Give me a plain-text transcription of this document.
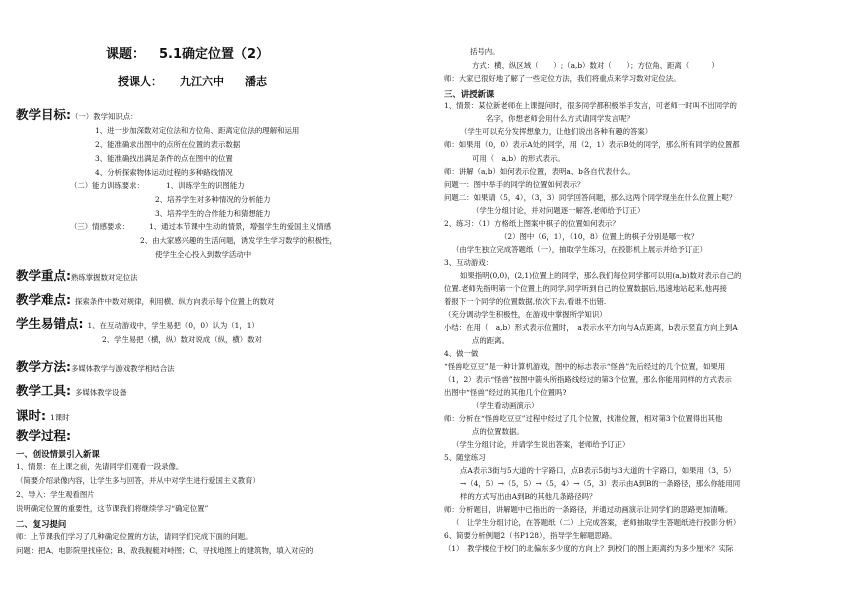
课题： 5.1确定位置（2）
授课人： 九江六中 潘志
教学目标:（一）教学知识点：
1、进一步加深数对定位法和方位角、距离定位法的理解和运用
2、能准确求出图中的点所在位置的表示数据
3、能准确找出满足条件的点在图中的位置
4、分析探索物体运动过程的多种路线情况
（二）能力训练要求：	1、训练学生的识图能力
2、培养学生对多种情况的分析能力
3、培养学生的合作能力和猜想能力
（三）情感要求：	1、通过本节课中生动的情景，增强学生的爱国主义情感
2、由大家感兴趣的生活问题，诱发学生学习数学的积极性，
使学生全心投入到数学活动中
教学重点:熟练掌握数对定位法
教学难点: 探索条件中数对规律，利用横、纵方向表示每个位置上的数对
学生易错点: 1、在互动游戏中，学生易把（0，0）认为（1，1）
2、学生易把（横，纵）数对说成（纵，横）数对
教学方法:多媒体教学与游戏教学相结合法
教学工具: 多媒体教学设备
课时: 1课时
教学过程:
一、创设情景引入新课
1、情景：在上课之前，先请同学们观看一段录像。
（简要介绍录像内容，让学生多与回答，并从中对学生进行爱国主义教育）
2、导入：学生观看图片
说明确定位置的重要性，这节课我们将继续学习“确定位置”
二、复习提问
师：上节课我们学习了几种确定位置的方法，请同学们完成下面的问题。
问题：把A、电影院里找座位；B、敌我舰艇对峙图；C、寻找地图上的建筑物，填入对应的
括号内。
方式：横、纵区域（　　）;（a,b）数对（　　）；方位角、距离（　　　）
师：大家已很好地了解了一些定位方法，我们将重点来学习数对定位法。
三、讲授新课
1、情景：某位新老师在上课提问时，很多同学都积极举手发言，可老师一时叫不出同学的
名字，你想老师会用什么方式请同学发言呢？
（学生可以充分发挥想象力，让他们说出各种有趣的答案）
师：如果用（0，0）表示A处的同学，用（2，1）表示B处的同学，那么所有同学的位置都
可用（　a,b）的形式表示。
师：讲解（a,b）如何表示位置，表明a、b各自代表什么。
问题一：图中举手的同学的位置如何表示？
问题二：如果请（5，4），（3，3）同学回答问题，那么这两个同学现坐在什么位置上呢？
（学生分组讨论，并对问题逐一解答,老师给予订正）
2、练习：（1）方格纸上图案中棋子的位置如何表示？
（2）图中（6，1），（10，8）位置上的棋子分别是哪一枚？
（由学生独立完成答题纸（一），抽取学生练习，在投影机上展示并给予订正）
3、互动游戏：
如果指明(0,0)，(2,1)位置上的同学，那么我们每位同学都可以用(a,b)数对表示自己的
位置.老师先指明第一个位置上的同学,同学听到自己的位置数据后,迅速地站起来,他再接
着报下一个同学的位置数据,依次下去,看谁不出错.
（充分调动学生积极性，在游戏中掌握所学知识）
小结：在用（　a,b）形式表示位置时，　a表示水平方向与A点距离，b表示竖直方向上到A
点的距离。
4、做一做
“怪兽吃豆豆”是一种计算机游戏，图中的标志表示“怪兽”先后经过的几个位置，如果用
（1，2）表示“怪兽”按图中箭头所指路线经过的第3个位置，那么你能用同样的方式表示
出图中“怪兽”经过的其他几个位置吗?
（学生看动画演示）
师：分析在“怪兽吃豆豆”过程中经过了几个位置，找准位置，相对第3个位置得出其他
点的位置数据。
（学生分组讨论，并请学生说出答案，老师给予订正）
5、随堂练习
点A表示3街与5大道的十字路口，点B表示5街与3大道的十字路口，如果用（3，5）
→（4，5）→（5，5）→（5，4）→（5，3）表示由A到B的一条路径，那么你能用同
样的方式写出由A到B的其他几条路径吗？
师：分析题目，讲解题中已指出的一条路径，并通过动画演示让同学们的思路更加清晰。
（　让学生分组讨论，在答题纸（二）上完成答案，老师抽取学生答题纸进行投影分析）
6、简要分析例题2（书P128），指导学生解题思路。
（1）　教学楼位于校门的北偏东多少度的方向上？到校门的图上距离约为多少厘米？实际
